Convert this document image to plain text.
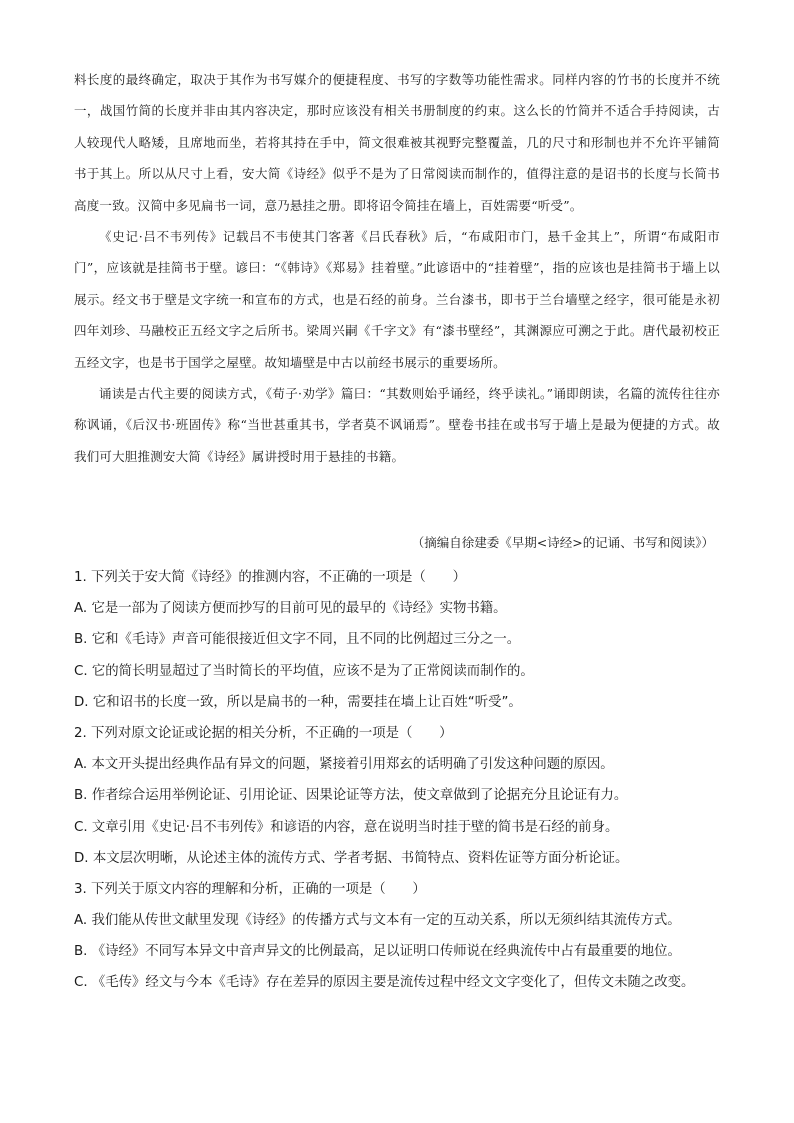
料长度的最终确定，取决于其作为书写媒介的便捷程度、书写的字数等功能性需求。同样内容的竹书的长度并不统一，战国竹简的长度并非由其内容决定，那时应该没有相关书册制度的约束。这么长的竹简并不适合手持阅读，古人较现代人略矮，且席地而坐，若将其持在手中，简文很难被其视野完整覆盖，几的尺寸和形制也并不允许平铺简书于其上。所以从尺寸上看，安大简《诗经》似乎不是为了日常阅读而制作的，值得注意的是诏书的长度与长简书高度一致。汉简中多见扁书一词，意乃悬挂之册。即将诏令简挂在墙上，百姓需要“听受”。

《史记·吕不韦列传》记载吕不韦使其门客著《吕氏春秋》后，“布咸阳市门，悬千金其上”，所谓“布咸阳市门”，应该就是挂简书于壁。谚曰：“《韩诗》《郑易》挂着壁。”此谚语中的“挂着壁”，指的应该也是挂简书于墙上以展示。经文书于壁是文字统一和宣布的方式，也是石经的前身。兰台漆书，即书于兰台墙壁之经字，很可能是永初四年刘珍、马融校正五经文字之后所书。梁周兴嗣《千字文》有“漆书壁经”，其渊源应可溯之于此。唐代最初校正五经文字，也是书于国学之屋壁。故知墙壁是中古以前经书展示的重要场所。

诵读是古代主要的阅读方式，《荀子·劝学》篇曰：“其数则始乎诵经，终乎读礼。”诵即朗读，名篇的流传往往亦称讽诵，《后汉书·班固传》称“当世甚重其书，学者莫不讽诵焉”。壁卷书挂在或书写于墙上是最为便捷的方式。故我们可大胆推测安大简《诗经》属讲授时用于悬挂的书籍。

（摘编自徐建委《早期<诗经>的记诵、书写和阅读》）
1. 下列关于安大简《诗经》的推测内容，不正确的一项是（　　）
A. 它是一部为了阅读方便而抄写的目前可见的最早的《诗经》实物书籍。
B. 它和《毛诗》声音可能很接近但文字不同，且不同的比例超过三分之一。
C. 它的简长明显超过了当时简长的平均值，应该不是为了正常阅读而制作的。
D. 它和诏书的长度一致，所以是扁书的一种，需要挂在墙上让百姓“听受”。
2. 下列对原文论证或论据的相关分析，不正确的一项是（　　）
A. 本文开头提出经典作品有异文的问题，紧接着引用郑玄的话明确了引发这种问题的原因。
B. 作者综合运用举例论证、引用论证、因果论证等方法，使文章做到了论据充分且论证有力。
C. 文章引用《史记·吕不韦列传》和谚语的内容，意在说明当时挂于壁的简书是石经的前身。
D. 本文层次明晰，从论述主体的流传方式、学者考据、书简特点、资料佐证等方面分析论证。
3. 下列关于原文内容的理解和分析，正确的一项是（　　）
A. 我们能从传世文献里发现《诗经》的传播方式与文本有一定的互动关系，所以无须纠结其流传方式。
B. 《诗经》不同写本异文中音声异文的比例最高，足以证明口传师说在经典流传中占有最重要的地位。
C. 《毛传》经文与今本《毛诗》存在差异的原因主要是流传过程中经文文字变化了，但传文未随之改变。
